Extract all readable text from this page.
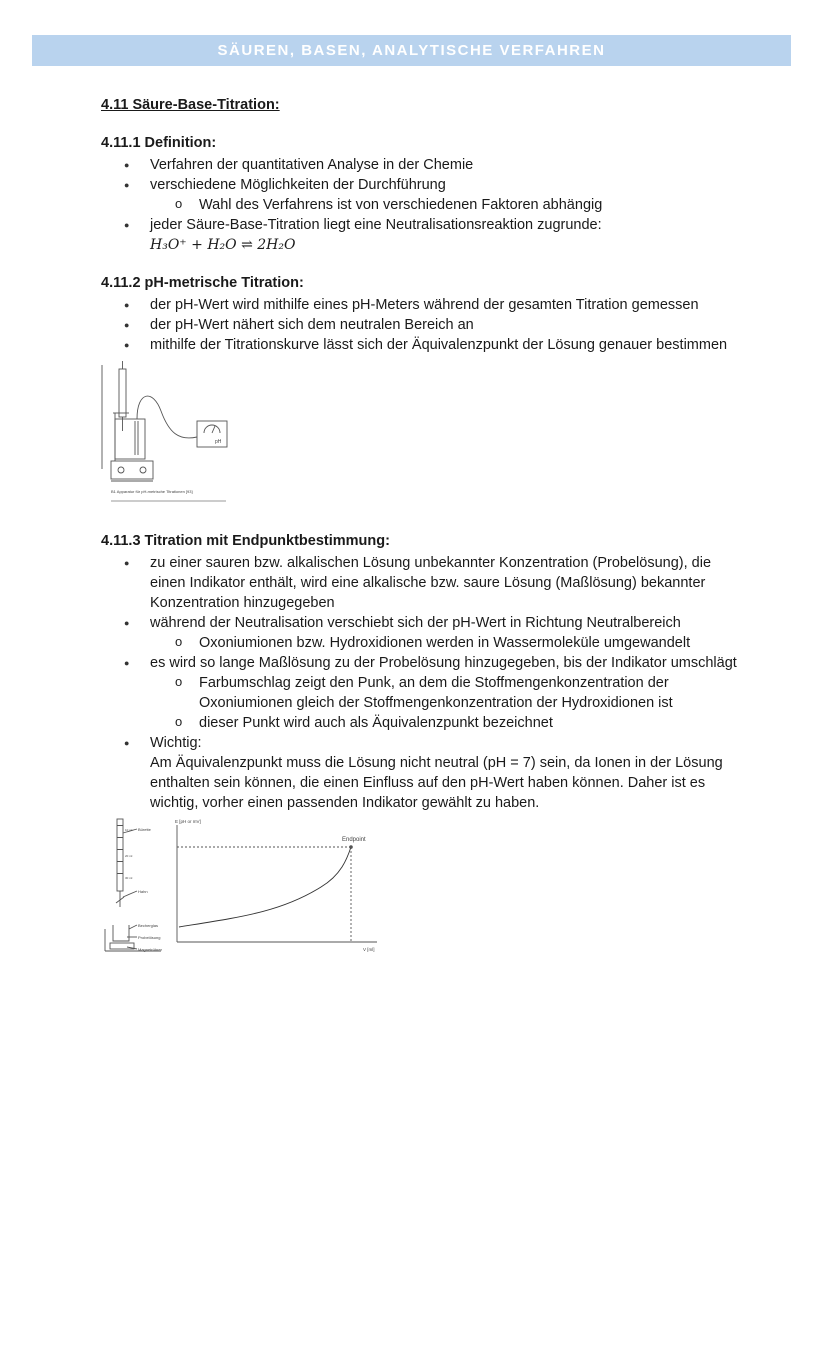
SÄUREN, BASEN, ANALYTISCHE VERFAHREN
4.11 Säure-Base-Titration:
4.11.1 Definition:
● Verfahren der quantitativen Analyse in der Chemie
● verschiedene Möglichkeiten der Durchführung
o Wahl des Verfahrens ist von verschiedenen Faktoren abhängig
● jeder Säure-Base-Titration liegt eine Neutralisationsreaktion zugrunde:
H₃O⁺ + H₂O ⇌ 2H₂O
4.11.2 pH-metrische Titration:
● der pH-Wert wird mithilfe eines pH-Meters während der gesamten Titration gemessen
● der pH-Wert nähert sich dem neutralen Bereich an
● mithilfe der Titrationskurve lässt sich der Äquivalenzpunkt der Lösung genauer bestimmen
pH
B1 Apparatur für pH-metrische Titrationen [93]
4.11.3 Titration mit Endpunktbestimmung:
● zu einer sauren bzw. alkalischen Lösung unbekannter Konzentration (Probelösung), die einen Indikator enthält, wird eine alkalische bzw. saure Lösung (Maßlösung) bekannter Konzentration hinzugegeben
● während der Neutralisation verschiebt sich der pH-Wert in Richtung Neutralbereich
o Oxoniumionen bzw. Hydroxidionen werden in Wassermoleküle umgewandelt
● es wird so lange Maßlösung zu der Probelösung hinzugegeben, bis der Indikator umschlägt
o Farbumschlag zeigt den Punk, an dem die Stoffmengenkonzentration der Oxoniumionen gleich der Stoffmengenkonzentration der Hydroxidionen ist
o dieser Punkt wird auch als Äquivalenzpunkt bezeichnet
● Wichtig:
Am Äquivalenzpunkt muss die Lösung nicht neutral (pH = 7) sein, da Ionen in der Lösung enthalten sein können, die einen Einfluss auf den pH-Wert haben können. Daher ist es wichtig, vorher einen passenden Indikator gewählt zu haben.
Bürette
Hahn
Becherglas
Probelösung
Magnetrührer
10 ml
20 ml
30 ml
E [pH or mV]
V [ml]
Endpoint
